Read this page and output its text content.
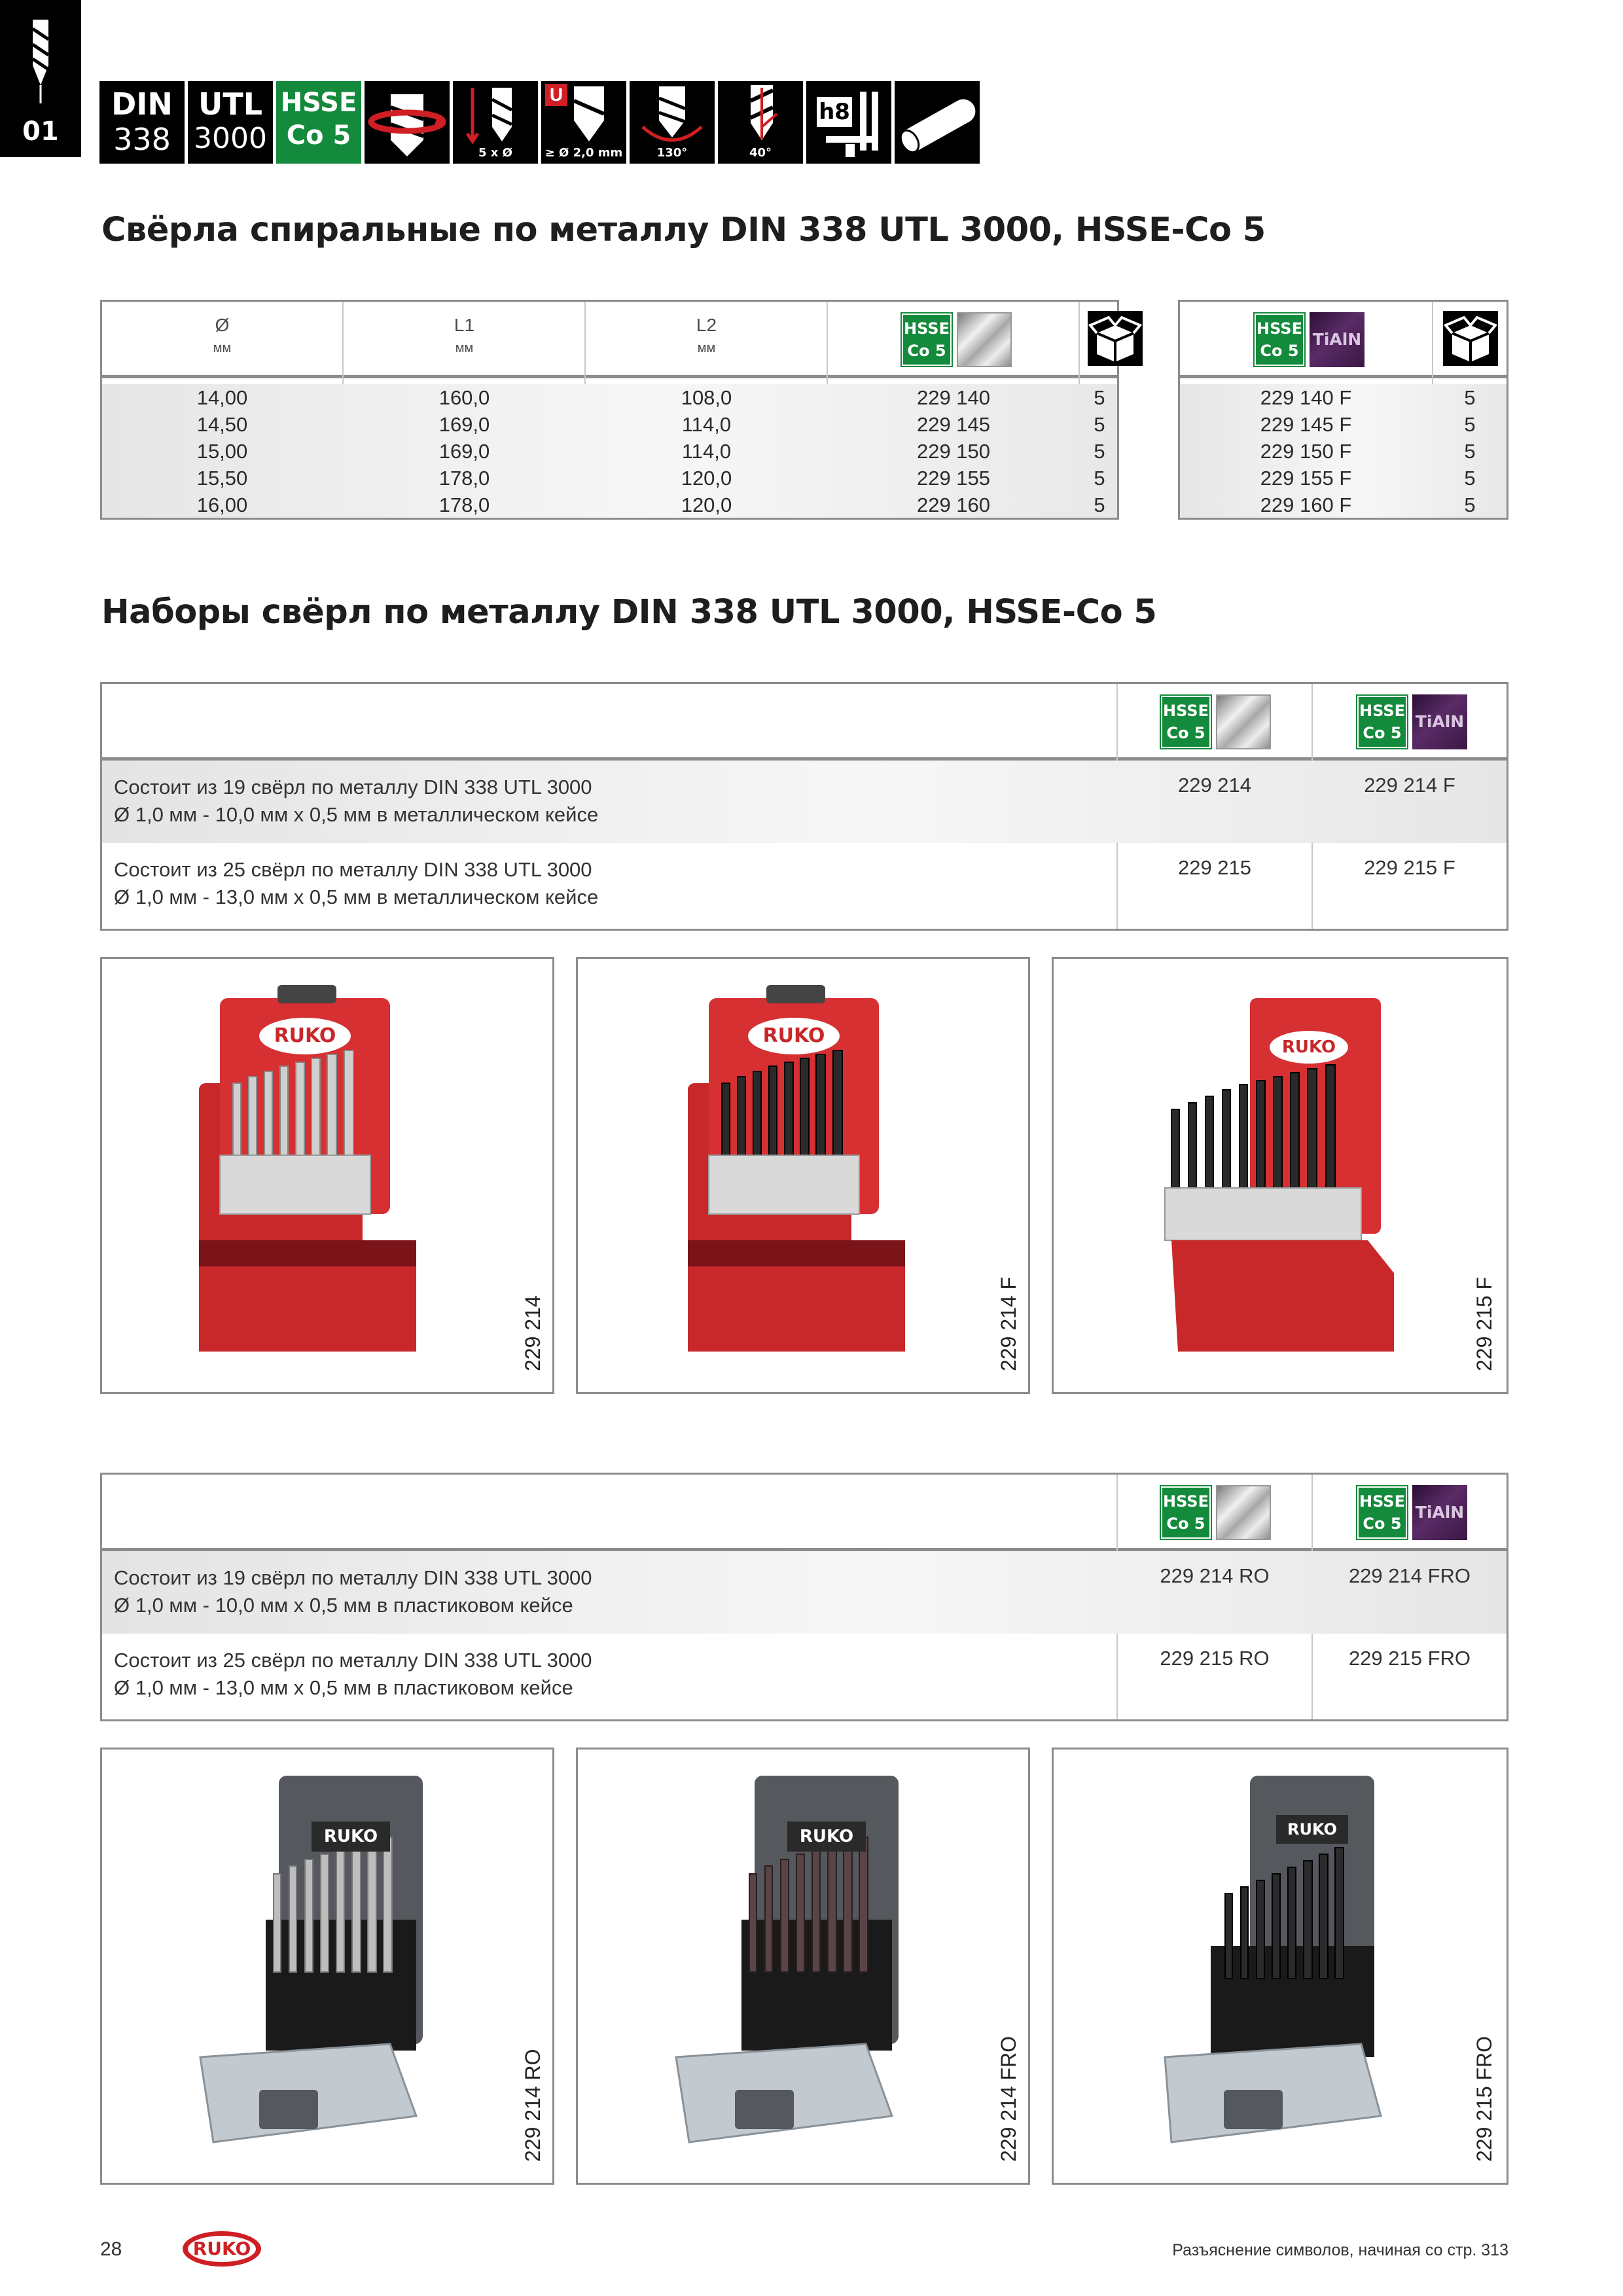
01
DIN
338
UTL
3000
HSSE
Co 5
5 x Ø
U
≥ Ø 2,0 mm	130°	40°
h8
Свёрла спиральные по металлу DIN 338 UTL 3000, HSSE-Co 5
Ø
мм
L1
мм
L2
мм
HSSE
Co 5
14,00	160,0	108,0	229 140	5
14,50	169,0	114,0	229 145	5
15,00	169,0	114,0	229 150	5
15,50	178,0	120,0	229 155	5
16,00	178,0	120,0	229 160	5
HSSE
Co 5
TiAlN
229 140 F	5
229 145 F	5
229 150 F	5
229 155 F	5
229 160 F	5
Наборы свёрл по металлу DIN 338 UTL 3000, HSSE-Co 5
HSSE
Co 5
HSSE
Co 5
TiAlN
Состоит из 19 свёрл по металлу DIN 338 UTL 3000
Ø 1,0 мм - 10,0 мм x 0,5 мм в металлическом кейсе
229 214	229 214 F
Состоит из 25 свёрл по металлу DIN 338 UTL 3000
Ø 1,0 мм - 13,0 мм x 0,5 мм в металлическом кейсе
229 215	229 215 F
RUKO
229 214
RUKO
229 214 F
RUKO
229 215 F
HSSE
Co 5
HSSE
Co 5
TiAlN
Состоит из 19 свёрл по металлу DIN 338 UTL 3000
Ø 1,0 мм - 10,0 мм x 0,5 мм в пластиковом кейсе
229 214 RO	229 214 FRO
Состоит из 25 свёрл по металлу DIN 338 UTL 3000
Ø 1,0 мм - 13,0 мм x 0,5 мм в пластиковом кейсе
229 215 RO	229 215 FRO
RUKO
229 214 RO
RUKO
229 214 FRO
RUKO
229 215 FRO
28	RUKO	Разъяснение символов, начиная со стр. 313
